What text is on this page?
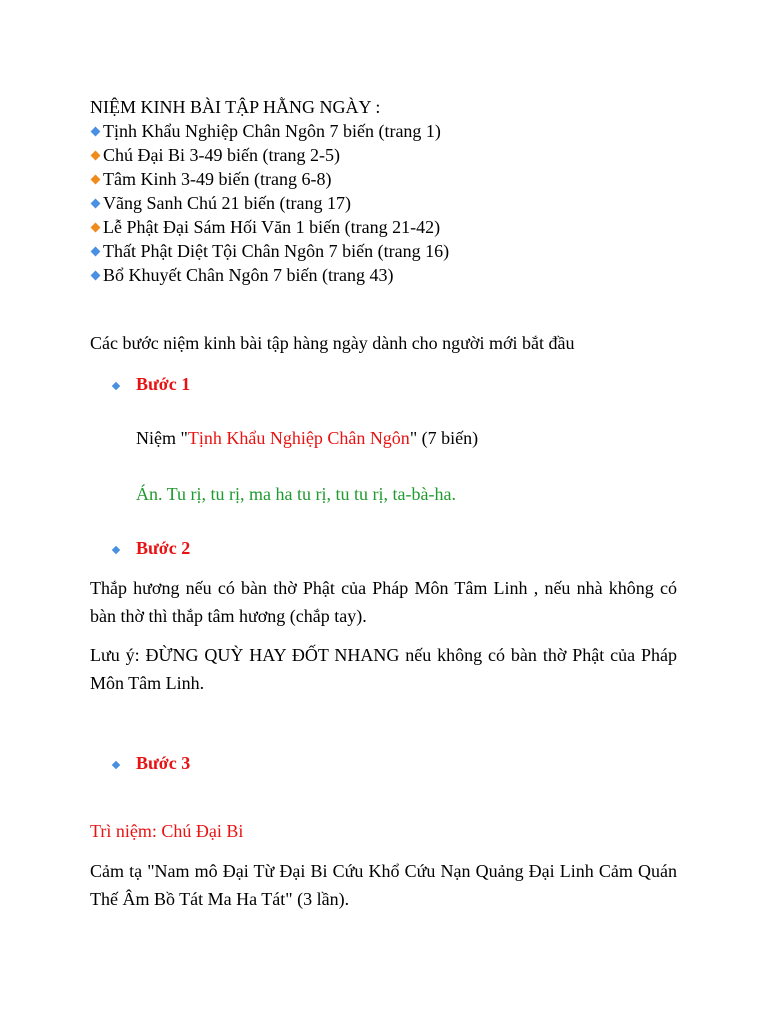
NIỆM KINH BÀI TẬP HẰNG NGÀY :
Tịnh Khẩu Nghiệp Chân Ngôn 7 biến (trang 1)
Chú Đại Bi 3-49 biến (trang 2-5)
Tâm Kinh 3-49 biến (trang 6-8)
Vãng Sanh Chú 21 biến (trang 17)
Lễ Phật Đại Sám Hối Văn 1 biến (trang 21-42)
Thất Phật Diệt Tội Chân Ngôn 7 biến (trang 16)
Bổ Khuyết Chân Ngôn 7 biến (trang 43)
Các bước niệm kinh bài tập hàng ngày dành cho người mới bắt đầu
Bước 1
Niệm "Tịnh Khẩu Nghiệp Chân Ngôn" (7 biến)
Án. Tu rị, tu rị, ma ha tu rị, tu tu rị, ta-bà-ha.
Bước 2
Thắp hương nếu có bàn thờ Phật của Pháp Môn Tâm Linh , nếu nhà không có bàn thờ thì thắp tâm hương (chắp tay).
Lưu ý: ĐỪNG QUỲ HAY ĐỐT NHANG nếu không có bàn thờ Phật của Pháp Môn Tâm Linh.
Bước 3
Trì niệm: Chú Đại Bi
Cảm tạ "Nam mô Đại Từ Đại Bi Cứu Khổ Cứu Nạn Quảng Đại Linh Cảm Quán Thế Âm Bồ Tát Ma Ha Tát" (3 lần).
